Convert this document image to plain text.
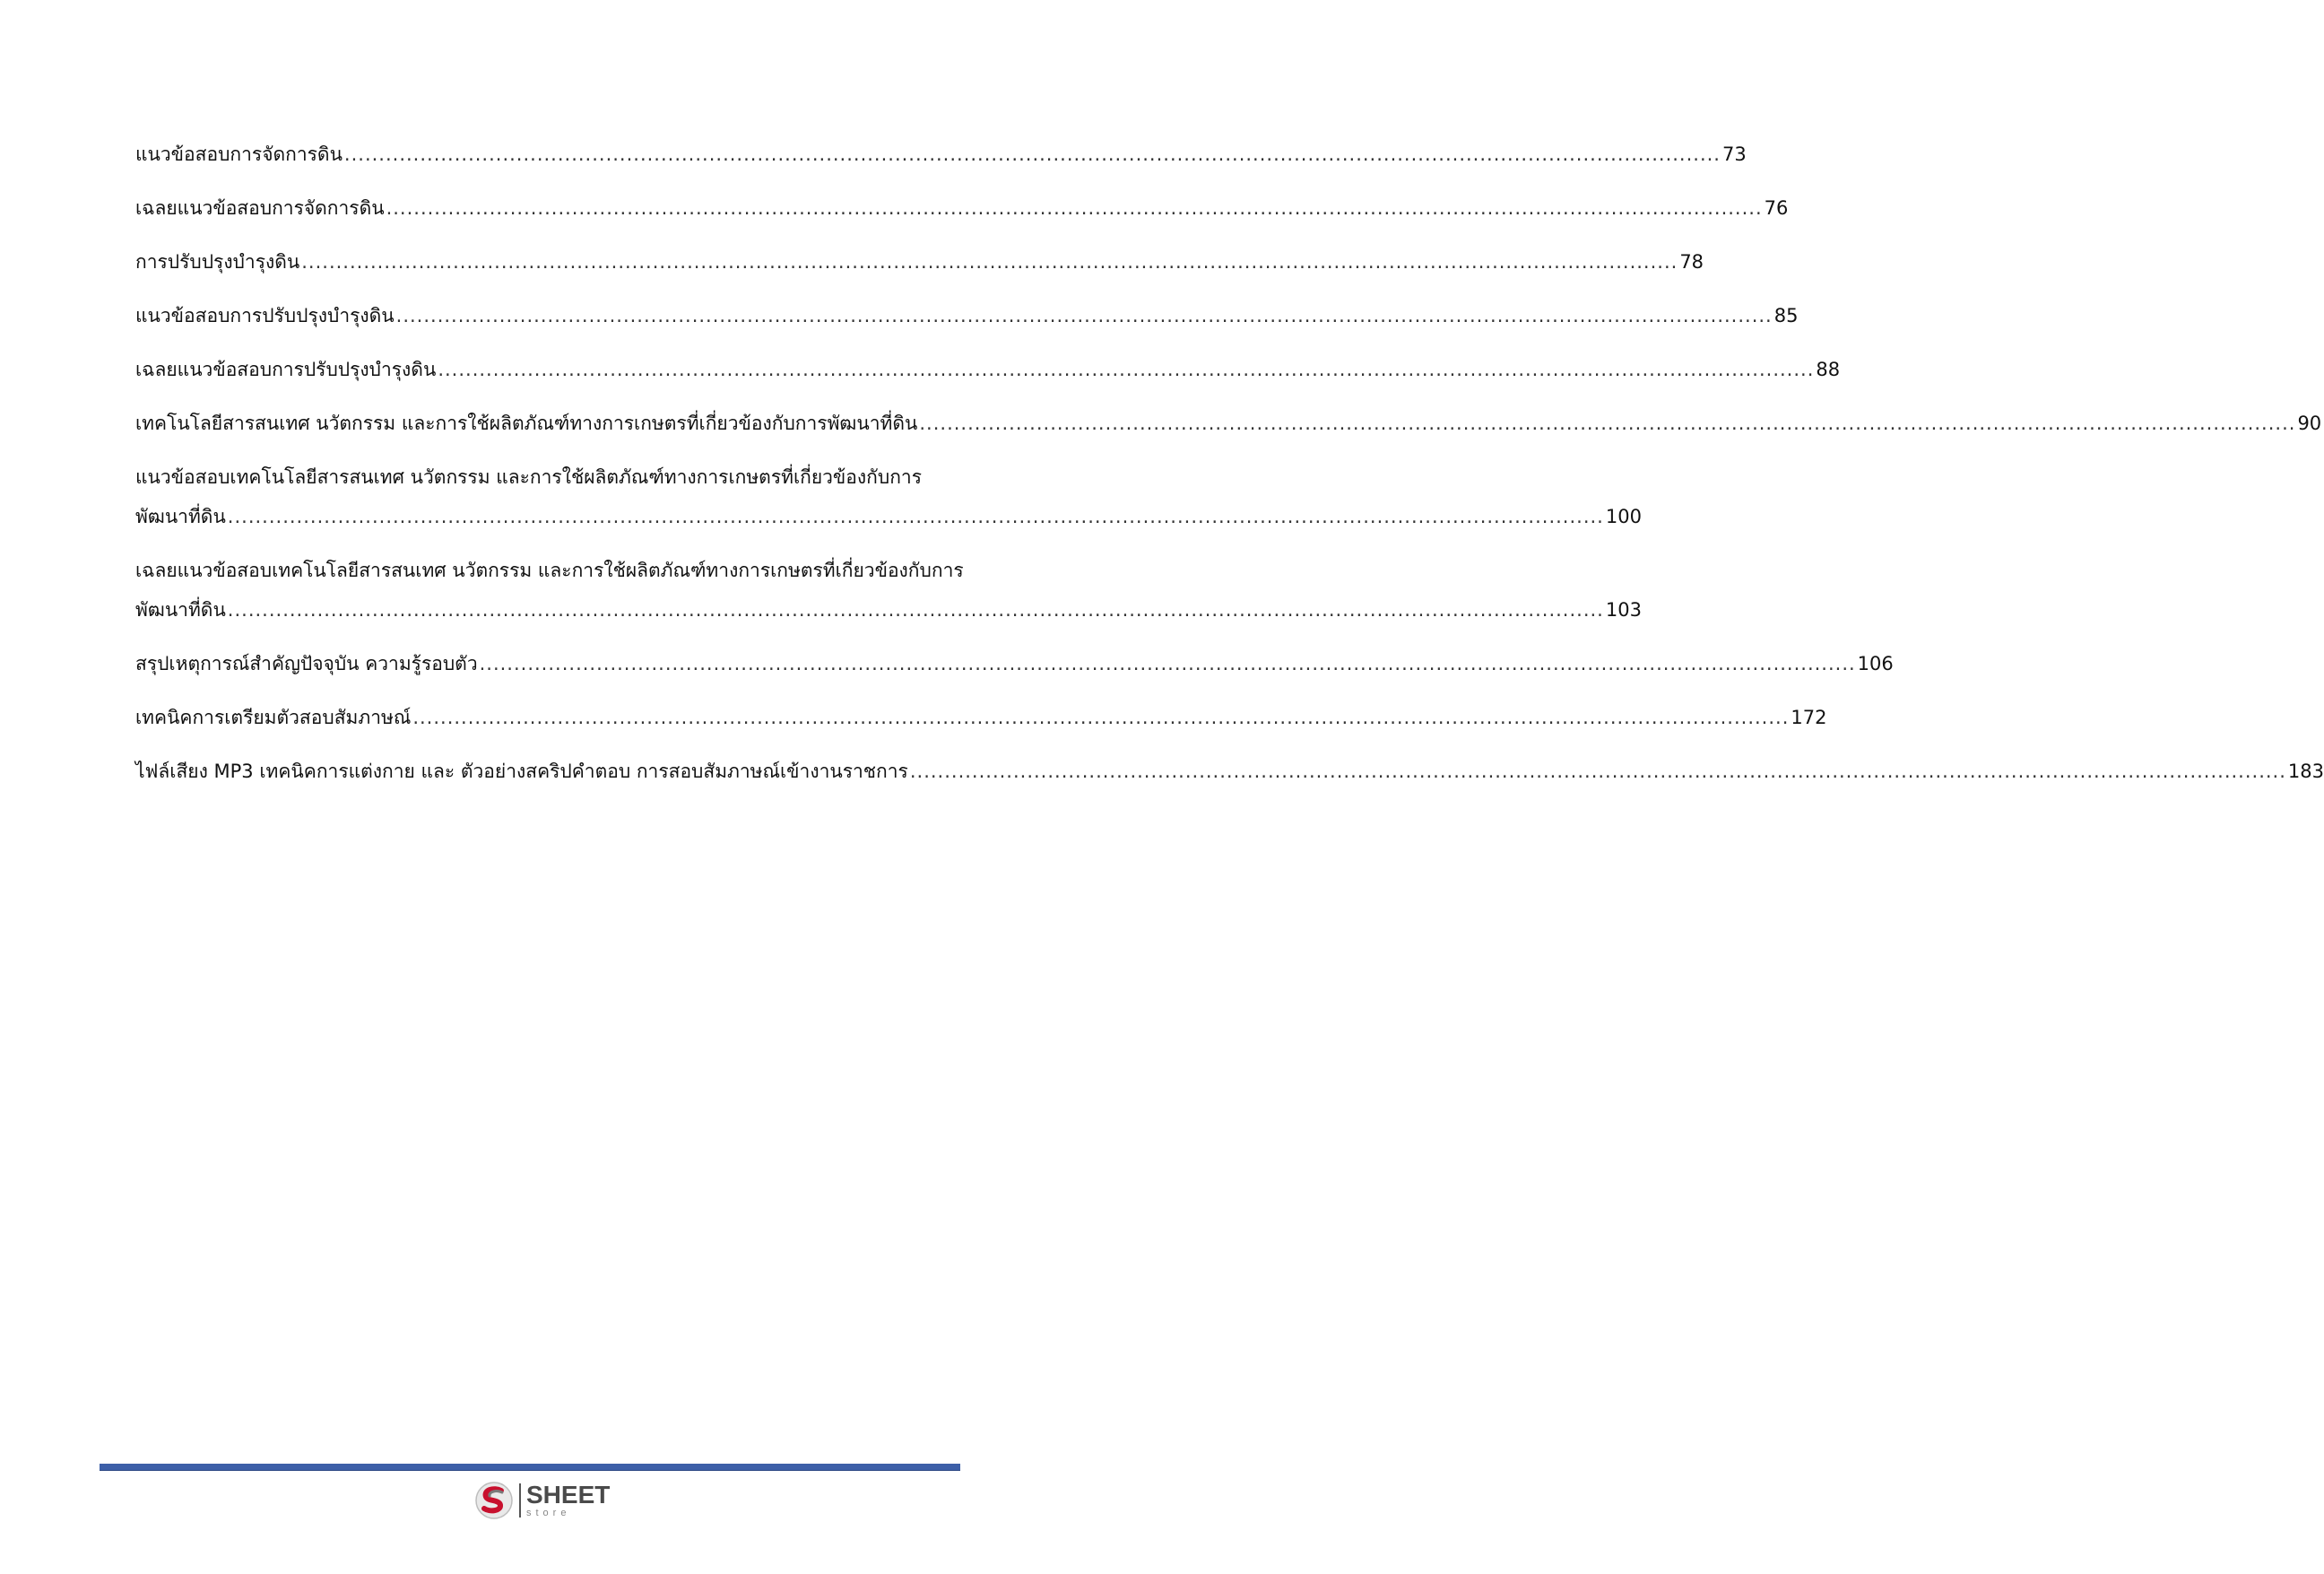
แนวข้อสอบการจัดการดิน ........................................................................................................................................................................................................ 73
เฉลยแนวข้อสอบการจัดการดิน ........................................................................................................................................................................................................ 76
การปรับปรุงบำรุงดิน ........................................................................................................................................................................................................ 78
แนวข้อสอบการปรับปรุงบำรุงดิน ........................................................................................................................................................................................................ 85
เฉลยแนวข้อสอบการปรับปรุงบำรุงดิน ........................................................................................................................................................................................................ 88
เทคโนโลยีสารสนเทศ นวัตกรรม และการใช้ผลิตภัณฑ์ทางการเกษตรที่เกี่ยวข้องกับการพัฒนาที่ดิน ........................................................................................................................................................................................................ 90
แนวข้อสอบเทคโนโลยีสารสนเทศ นวัตกรรม และการใช้ผลิตภัณฑ์ทางการเกษตรที่เกี่ยวข้องกับการ
พัฒนาที่ดิน ........................................................................................................................................................................................................ 100
เฉลยแนวข้อสอบเทคโนโลยีสารสนเทศ นวัตกรรม และการใช้ผลิตภัณฑ์ทางการเกษตรที่เกี่ยวข้องกับการ
พัฒนาที่ดิน ........................................................................................................................................................................................................ 103
สรุปเหตุการณ์สำคัญปัจจุบัน ความรู้รอบตัว ........................................................................................................................................................................................................ 106
เทคนิคการเตรียมตัวสอบสัมภาษณ์ ........................................................................................................................................................................................................ 172
ไฟล์เสียง MP3 เทคนิคการแต่งกาย และ ตัวอย่างสคริปคำตอบ การสอบสัมภาษณ์เข้างานราชการ ........................................................................................................................................................................................................ 183
SHEET
store
